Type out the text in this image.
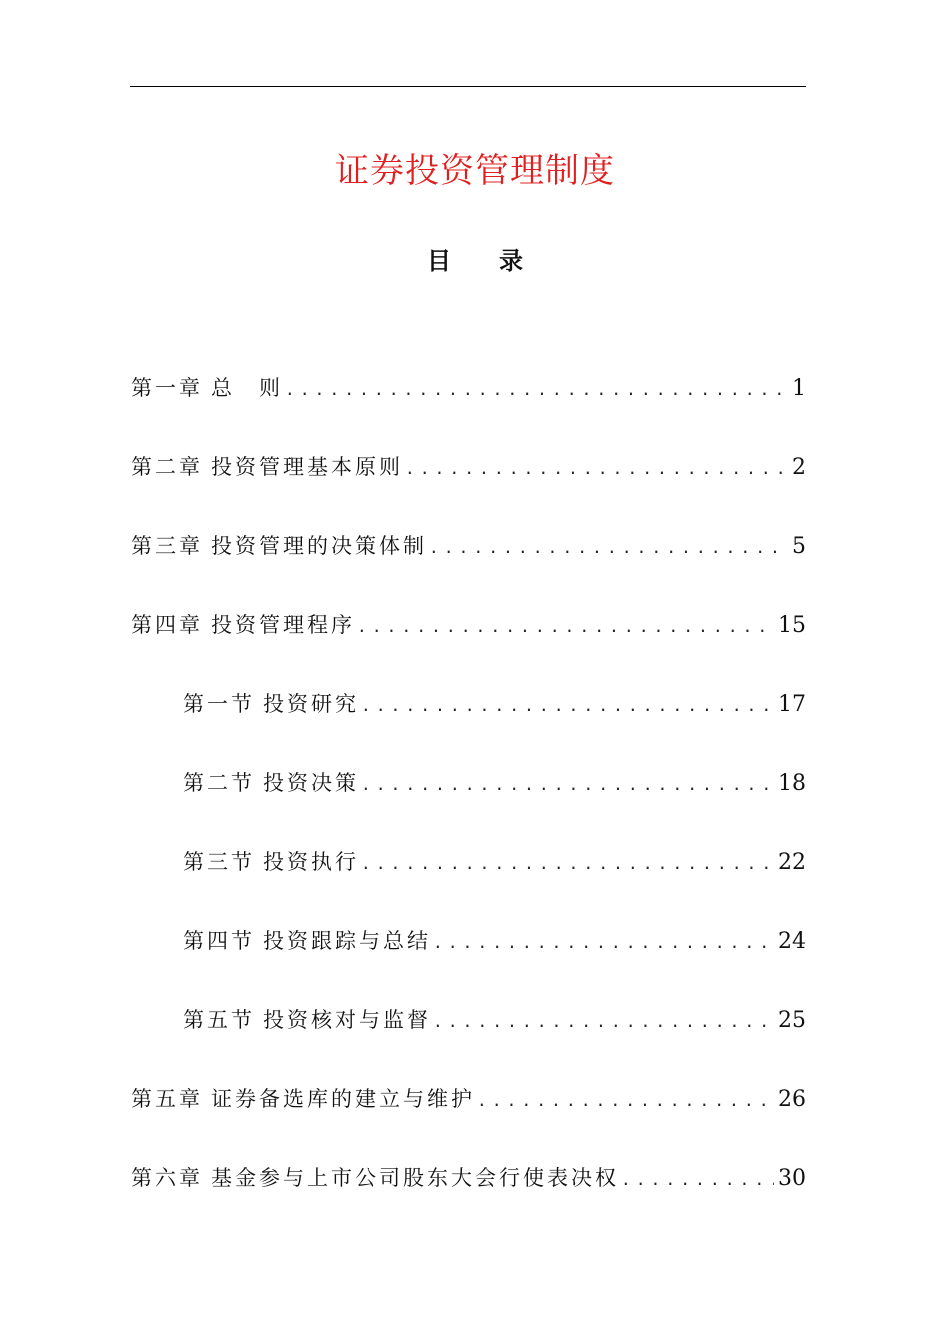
证券投资管理制度
目 录
第一章 总　则 .....	1
第二章 投资管理基本原则 .....	2
第三章 投资管理的决策体制 .....	5
第四章 投资管理程序 .....	15
第一节 投资研究 .....	17
第二节 投资决策 .....	18
第三节 投资执行 .....	22
第四节 投资跟踪与总结 .....	24
第五节 投资核对与监督 .....	25
第五章 证券备选库的建立与维护 .....	26
第六章 基金参与上市公司股东大会行使表决权 .....	30
